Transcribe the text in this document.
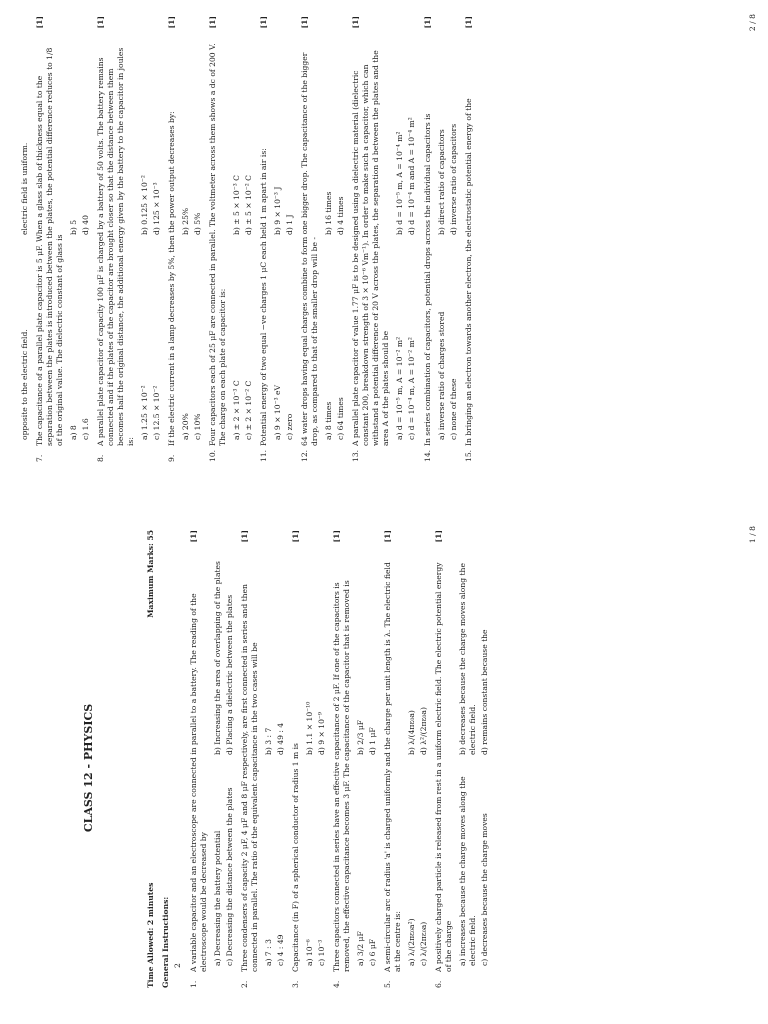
CLASS 12 - PHYSICS
Time Allowed: 2 minutes
Maximum Marks: 55
General Instructions: 2
1.
A variable capacitor and an electroscope are connected in parallel to a battery. The reading of the electroscope would be decreased by a) Decreasing the battery potential
b) Increasing the area of overlapping of the plates
c) Decreasing the distance between the plates
d) Placing a dielectric between the plates
[1]
2.
Three condensers of capacity 2 μF, 4 μF and 8 μF respectively, are first connected in series and then connected in parallel. The ratio of the equivalent capacitance in the two cases will be a) 7 : 3
b) 3 : 7
c) 4 : 49
d) 49 : 4
[1]
3.
Capacitance (in F) of a spherical conductor of radius 1 m is a) 10⁻⁶
b) 1.1 × 10⁻¹⁰
c) 10⁻³
d) 9 × 10⁻⁹
[1]
4.
Three capacitors connected in series have an effective capacitance of 2 μF. If one of the capacitors is removed, the effective capacitance becomes 3 μF. The capacitance of the capacitor that is removed is a) 3/2 μF
b) 2/3 μF
c) 6 μF
d) 1 μF
[1]
5.
A semi-circular arc of radius 'a' is charged uniformly and the charge per unit length is λ. The electric field at the centre is: a) λ/(2πε₀a²)
b) λ/(4πε₀a)
c) λ/(2πε₀a)
d) λ²/(2πε₀a)
[1]
6.
A positively charged particle is released from rest in a uniform electric field. The electric potential energy of the charge a) increases because the charge moves along the electric field.
b) decreases because the charge moves along the electric field.
c) decreases because the charge moves
d) remains constant because the
[1]	1 / 8
opposite to the electric field.
electric field is uniform.
7.
The capacitance of a parallel plate capacitor is 5 μF. When a glass slab of thickness equal to the separation between the plates is introduced between the plates, the potential difference reduces to 1/8 of the original value. The dielectric constant of glass is a) 8
b) 5
c) 1.6
d) 40
[1]
8.
A parallel plate capacitor of capacity 100 μF is charged by a battery of 50 volts. The battery remains connected and if the plates of the capacitor are brought closer so that the distance between them becomes half the original distance, the additional energy given by the battery to the capacitor in joules is:
a) 1.25 × 10⁻²
b) 0.125 × 10⁻²
c) 12.5 × 10⁻²
d) 125 × 10⁻³
[1]
9.
If the electric current in a lamp decreases by 5%, then the power output decreases by: a) 20%
b) 25%
c) 10%
d) 5%
[1]
10.
Four capacitors each of 25 μF are connected in parallel. The voltmeter across them shows a dc of 200 V. The charge on each plate of capacitor is: a) ± 2 × 10⁻³ C
b) ± 5 × 10⁻³ C
c) ± 2 × 10⁻² C
d) ± 5 × 10⁻² C
[1]
11.
Potential energy of two equal −ve charges 1 μC each held 1 m apart in air is: a) 9 × 10⁻³ eV
b) 9 × 10⁻³ J
c) zero
d) 1 J
[1]
12.
64 water drops having equal charges combine to form one bigger drop. The capacitance of the bigger drop, as compared to that of the smaller drop will be - a) 8 times
b) 16 times
c) 64 times
d) 4 times
[1]
13.
A parallel plate capacitor of value 1.77 μF is to be designed using a dielectric material (dielectric constant 200, breakdown strength of 3 × 10⁻⁶ Vm⁻¹). In order to make such a capacitor, which can withstand a potential difference of 20 V across the plates, the separation d between the plates and the area A of the plates should be a) d = 10⁻⁵ m, A = 10⁻² m²
b) d = 10⁻⁵ m, A = 10⁻⁴ m²
c) d = 10⁻⁴ m, A = 10⁻² m²
d) d = 10⁻⁴ m and A = 10⁻⁴ m²
[1]
14.
In series combination of capacitors, potential drops across the individual capacitors is a) inverse ratio of charges stored
b) direct ratio of capacitors
c) none of these
d) inverse ratio of capacitors
[1]
15.
In bringing an electron towards another electron, the electrostatic potential energy of the
[1]	2 / 8
